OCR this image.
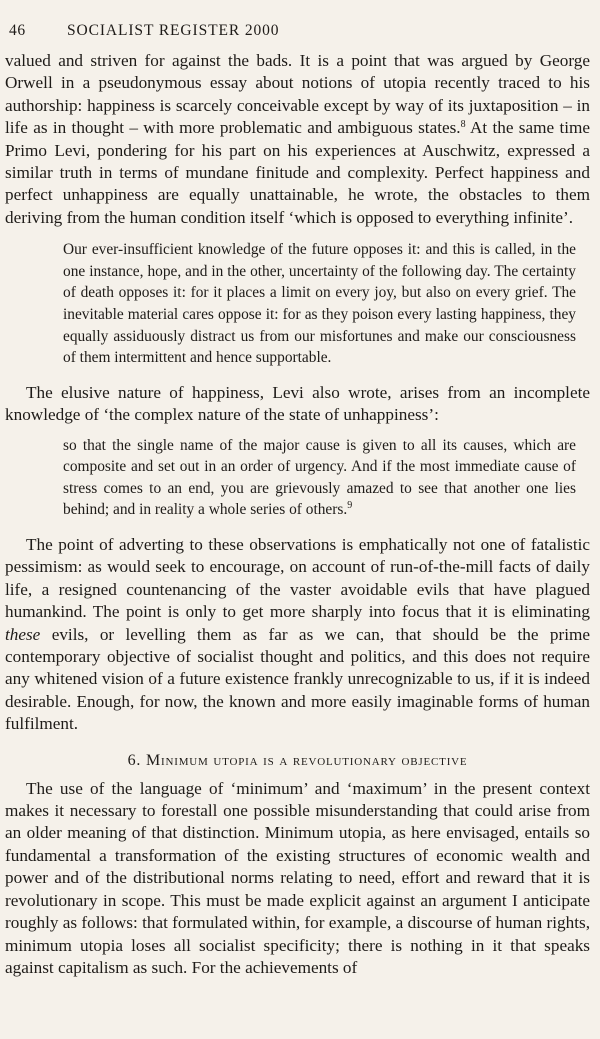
46	SOCIALIST REGISTER 2000

valued and striven for against the bads. It is a point that was argued by George Orwell in a pseudonymous essay about notions of utopia recently traced to his authorship: happiness is scarcely conceivable except by way of its juxtaposition – in life as in thought – with more problematic and ambiguous states.$^8$ At the same time Primo Levi, pondering for his part on his experiences at Auschwitz, expressed a similar truth in terms of mundane finitude and complexity. Perfect happiness and perfect unhappiness are equally unattainable, he wrote, the obstacles to them deriving from the human condition itself ‘which is opposed to everything infinite’.

Our ever-insufficient knowledge of the future opposes it: and this is called, in the one instance, hope, and in the other, uncertainty of the following day. The certainty of death opposes it: for it places a limit on every joy, but also on every grief. The inevitable material cares oppose it: for as they poison every lasting happiness, they equally assiduously distract us from our misfortunes and make our consciousness of them intermittent and hence supportable.

The elusive nature of happiness, Levi also wrote, arises from an incomplete knowledge of ‘the complex nature of the state of unhappiness’:

so that the single name of the major cause is given to all its causes, which are composite and set out in an order of urgency. And if the most immediate cause of stress comes to an end, you are grievously amazed to see that another one lies behind; and in reality a whole series of others.$^9$

The point of adverting to these observations is emphatically not one of fatalistic pessimism: as would seek to encourage, on account of run-of-the-mill facts of daily life, a resigned countenancing of the vaster avoidable evils that have plagued humankind. The point is only to get more sharply into focus that it is eliminating these evils, or levelling them as far as we can, that should be the prime contemporary objective of socialist thought and politics, and this does not require any whitened vision of a future existence frankly unrecognizable to us, if it is indeed desirable. Enough, for now, the known and more easily imaginable forms of human fulfilment.

6. Minimum utopia is a revolutionary objective

The use of the language of ‘minimum’ and ‘maximum’ in the present context makes it necessary to forestall one possible misunderstanding that could arise from an older meaning of that distinction. Minimum utopia, as here envisaged, entails so fundamental a transformation of the existing structures of economic wealth and power and of the distributional norms relating to need, effort and reward that it is revolutionary in scope. This must be made explicit against an argument I anticipate roughly as follows: that formulated within, for example, a discourse of human rights, minimum utopia loses all socialist specificity; there is nothing in it that speaks against capitalism as such. For the achievements of
